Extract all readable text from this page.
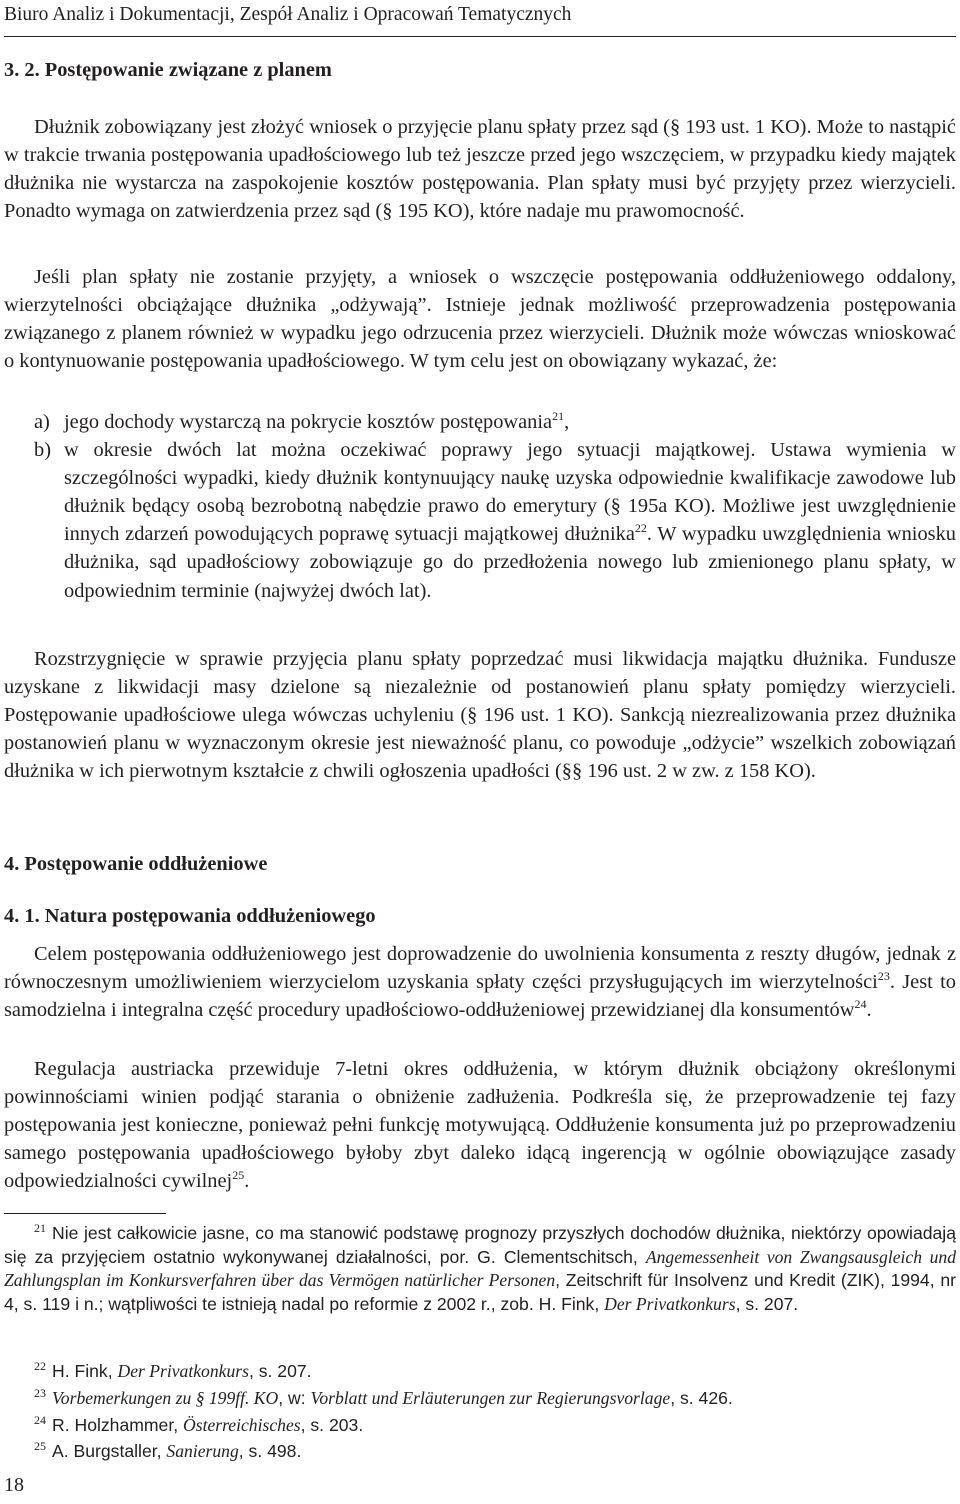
Biuro Analiz i Dokumentacji, Zespół Analiz i Opracowań Tematycznych
3. 2. Postępowanie związane z planem
Dłużnik zobowiązany jest złożyć wniosek o przyjęcie planu spłaty przez sąd (§ 193 ust. 1 KO). Może to nastąpić w trakcie trwania postępowania upadłościowego lub też jeszcze przed jego wszczęciem, w przypadku kiedy majątek dłużnika nie wystarcza na zaspokojenie kosztów postępowania. Plan spłaty musi być przyjęty przez wierzycieli. Ponadto wymaga on zatwierdzenia przez sąd (§ 195 KO), które nadaje mu prawomocność.
Jeśli plan spłaty nie zostanie przyjęty, a wniosek o wszczęcie postępowania oddłużeniowego oddalony, wierzytelności obciążające dłużnika „odżywają”. Istnieje jednak możliwość przeprowadzenia postępowania związanego z planem również w wypadku jego odrzucenia przez wierzycieli. Dłużnik może wówczas wnioskować o kontynuowanie postępowania upadłościowego. W tym celu jest on obowiązany wykazać, że:
a) jego dochody wystarczą na pokrycie kosztów postępowania$^{21}$,
b) w okresie dwóch lat można oczekiwać poprawy jego sytuacji majątkowej. Ustawa wymienia w szczególności wypadki, kiedy dłużnik kontynuujący naukę uzyska odpowiednie kwalifikacje zawodowe lub dłużnik będący osobą bezrobotną nabędzie prawo do emerytury (§ 195a KO). Możliwe jest uwzględnienie innych zdarzeń powodujących poprawę sytuacji majątkowej dłużnika$^{22}$. W wypadku uwzględnienia wniosku dłużnika, sąd upadłościowy zobowiązuje go do przedłożenia nowego lub zmienionego planu spłaty, w odpowiednim terminie (najwyżej dwóch lat).
Rozstrzygnięcie w sprawie przyjęcia planu spłaty poprzedzać musi likwidacja majątku dłużnika. Fundusze uzyskane z likwidacji masy dzielone są niezależnie od postanowień planu spłaty pomiędzy wierzycieli. Postępowanie upadłościowe ulega wówczas uchyleniu (§ 196 ust. 1 KO). Sankcją niezrealizowania przez dłużnika postanowień planu w wyznaczonym okresie jest nieważność planu, co powoduje „odżycie” wszelkich zobowiązań dłużnika w ich pierwotnym kształcie z chwili ogłoszenia upadłości (§§ 196 ust. 2 w zw. z 158 KO).
4. Postępowanie oddłużeniowe
4. 1. Natura postępowania oddłużeniowego
Celem postępowania oddłużeniowego jest doprowadzenie do uwolnienia konsumenta z reszty długów, jednak z równoczesnym umożliwieniem wierzycielom uzyskania spłaty części przysługujących im wierzytelności$^{23}$. Jest to samodzielna i integralna część procedury upadłościowo-oddłużeniowej przewidzianej dla konsumentów$^{24}$.
Regulacja austriacka przewiduje 7-letni okres oddłużenia, w którym dłużnik obciążony określonymi powinnościami winien podjąć starania o obniżenie zadłużenia. Podkreśla się, że przeprowadzenie tej fazy postępowania jest konieczne, ponieważ pełni funkcję motywującą. Oddłużenie konsumenta już po przeprowadzeniu samego postępowania upadłościowego byłoby zbyt daleko idącą ingerencją w ogólnie obowiązujące zasady odpowiedzialności cywilnej$^{25}$.
$^{21}$ Nie jest całkowicie jasne, co ma stanowić podstawę prognozy przyszłych dochodów dłużnika, niektórzy opowiadają się za przyjęciem ostatnio wykonywanej działalności, por. G. Clementschitsch, Angemessenheit von Zwangsausgleich und Zahlungsplan im Konkursverfahren über das Vermögen natürlicher Personen, Zeitschrift für Insolvenz und Kredit (ZIK), 1994, nr 4, s. 119 i n.; wątpliwości te istnieją nadal po reformie z 2002 r., zob. H. Fink, Der Privatkonkurs, s. 207.
$^{22}$ H. Fink, Der Privatkonkurs, s. 207.
$^{23}$ Vorbemerkungen zu § 199ff. KO, w: Vorblatt und Erläuterungen zur Regierungsvorlage, s. 426.
$^{24}$ R. Holzhammer, Österreichisches, s. 203.
$^{25}$ A. Burgstaller, Sanierung, s. 498.
18
